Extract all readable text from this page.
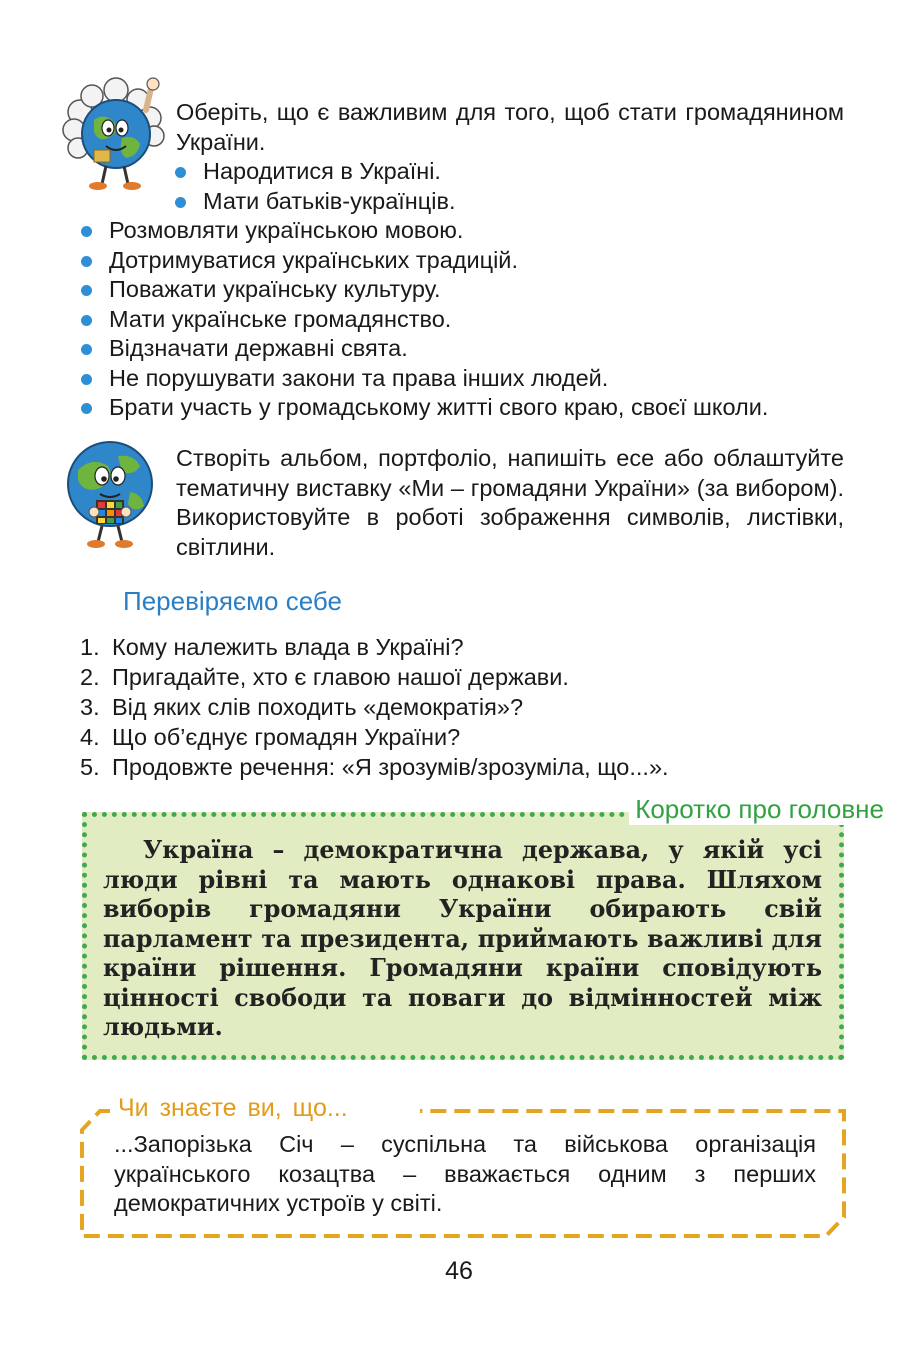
Оберіть, що є важливим для того, щоб стати громадянином України.
Народитися в Україні.
Мати батьків-українців.
Розмовляти українською мовою.
Дотримуватися українських традицій.
Поважати українську культуру.
Мати українське громадянство.
Відзначати державні свята.
Не порушувати закони та права інших людей.
Брати участь у громадському житті свого краю, своєї школи.
Створіть альбом, портфоліо, напишіть есе або облаштуйте тематичну виставку «Ми – громадяни України» (за вибором). Використовуйте в роботі зображення символів, листівки, світлини.
Перевіряємо себе
1. Кому належить влада в Україні?
2. Пригадайте, хто є главою нашої держави.
3. Від яких слів походить «демократія»?
4. Що об’єднує громадян України?
5. Продовжте речення: «Я зрозумів/зрозуміла, що...».
Коротко про головне
Україна – демократична держава, у якій усі люди рівні та мають однакові права. Шляхом виборів громадяни України обирають свій парламент та президента, приймають важливі для країни рішення. Громадяни країни сповідують цінності свободи та поваги до відмінностей між людьми.
Чи знаєте ви, що...
...Запорізька Січ – суспільна та військова організація українського козацтва – вважається одним з перших демократичних устроїв у світі.
46
